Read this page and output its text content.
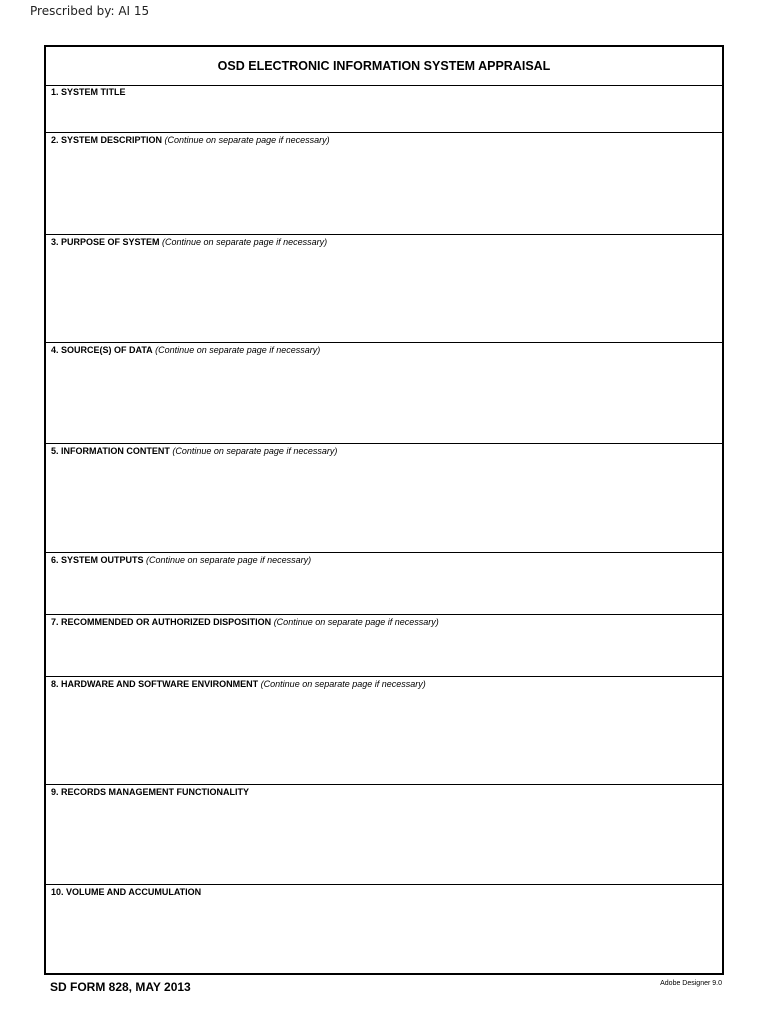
Prescribed by: AI 15
OSD ELECTRONIC INFORMATION SYSTEM APPRAISAL
1. SYSTEM TITLE
2. SYSTEM DESCRIPTION (Continue on separate page if necessary)
3. PURPOSE OF SYSTEM (Continue on separate page if necessary)
4. SOURCE(S) OF DATA (Continue on separate page if necessary)
5. INFORMATION CONTENT (Continue on separate page if necessary)
6. SYSTEM OUTPUTS (Continue on separate page if necessary)
7. RECOMMENDED OR AUTHORIZED DISPOSITION (Continue on separate page if necessary)
8. HARDWARE AND SOFTWARE ENVIRONMENT (Continue on separate page if necessary)
9. RECORDS MANAGEMENT FUNCTIONALITY
10. VOLUME AND ACCUMULATION
SD FORM 828, MAY 2013	Adobe Designer 9.0
